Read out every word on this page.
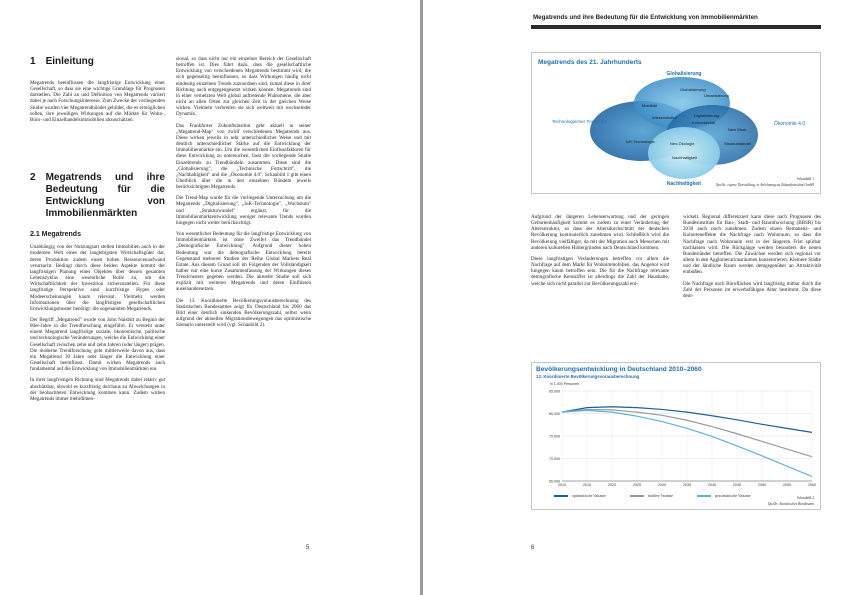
1 Einleitung

Megatrends beeinflussen die langfristige Entwicklung einer Gesellschaft, so dass sie eine wichtige Grundlage für Prognosen darstellen. Die Zahl an und Definition von Megatrends variiert dabei je nach Forschungsinteresse. Zum Zwecke der vorliegenden Studie wurden vier Megatrendbündel gebildet, die es ermöglichen sollen, ihre jeweiligen Wirkungen auf die Märkte für Wohn-, Büro- und Einzelhandelsimmobilien abzuschätzen.

2 Megatrends und ihre Bedeutung für die Entwicklung von Immobilienmärkten
2.1 Megatrends

Unabhängig von der Nutzungsart stellen Immobilien auch in der modernen Welt eines der langlebigsten Wirtschaftsgüter dar, deren Produktion zudem einen hohen Ressourcenaufwand verursacht. Bedingt durch diese beiden Aspekte kommt der langfristigen Planung eines Objektes über dessen gesamten Lebenszyklus eine wesentliche Rolle zu, um die Wirtschaftlichkeit der Investition sicherzustellen. Für diese langfristige Perspektive sind kurzfristige Hypes oder Modeerscheinungen kaum relevant. Vielmehr werden Informationen über die langfristigen gesellschaftlichen Entwicklungsmuster benötigt: die sogenannten Megatrends.

Der Begriff „Megatrend" wurde von John Naisbitt zu Beginn der 80er-Jahre in die Trendforschung eingeführt. Er versteht unter einem Megatrend langfristige soziale, ökonomische, politische und technologische Veränderungen, welche die Entwicklung einer Gesellschaft zwischen zehn und zehn Jahren (oder länger) prägen. Die moderne Trendforschung geht mittlerweile davon aus, dass ein Megatrend 30 Jahre oder länger die Entwicklung einer Gesellschaft beeinflusst. Damit wirken Megatrends auch fundamental auf die Entwicklung von Immobilienmärkten ein.

In ihrer langfristigen Richtung sind Megatrends dabei relativ gut abschätzbar, obwohl es kurzfristig durchaus zu Abweichungen in der beobachteten Entwicklung kommen kann. Zudem wirken Megatrends immer mehrdimen-

sional, so dass nicht nur ein einzelner Bereich der Gesellschaft betroffen ist. Dies führt dazu, dass die gesellschaftliche Entwicklung von verschiedenen Megatrends bestimmt wird, die sich gegenseitig beeinflussen, so dass Wirkungen häufig nicht eindeutig einzelnen Trends zuzuordnen sind, zumal diese in ihrer Richtung auch entgegengesetzt wirken können. Megatrends sind in einer vernetzten Welt global auftretende Phänomene, die aber nicht an allen Orten zur gleichen Zeit in der gleichen Weise wirken. Vielmehr verbreiten sie sich weltweit mit wechselnder Dynamik.

Das Frankfurter Zukunftsinstitut geht aktuell in seiner „Megatrend-Map" von zwölf verschiedenen Megatrends aus. Diese wirken jeweils in sehr unterschiedlicher Weise und mit deutlich unterschiedlicher Stärke auf die Entwicklung der Immobilienmärkte ein. Um die wesentlichen Einflussfaktoren für diese Entwicklung zu untersuchen, fasst die vorliegende Studie Einzeltrends zu Trendbündeln zusammen. Diese sind die „Globalisierung", die „Technische Fortschritt", die „Nachhaltigkeit" und die „Ökonomie 4.0". Schaubild 1 gibt einen Überblick über die in den einzelnen Bündeln jeweils berücksichtigten Megatrends.

Die Trend-Map wurde für die vorliegende Untersuchung um die Megatrends „Digitalisierung", „IuK-Technologie", „Wachstum" und „Strukturwandel" ergänzt, für die Immobilienmarktentwicklung weniger relevante Trends wurden hingegen nicht weiter berücksichtigt.

Von wesentlicher Bedeutung für die langfristige Entwicklung von Immobilienmärkten ist ohne Zweifel das Trendbündel „Demografische Entwicklung". Aufgrund dieser hohen Bedeutung war die demografische Entwicklung bereits Gegenstand mehrerer Studien der Reihe Global Markets Real Estate. Aus diesem Grund soll im Folgenden der Vollständigkeit halber nur eine kurze Zusammenfassung der Wirkungen dieses Trendclusters gegeben werden. Die aktuelle Studie soll sich explizit mit weiteren Megatrends und deren Einflüssen auseinandersetzen.

Die 13. Koordinierte Bevölkerungsvorausberechnung des Statistischen Bundesamtes zeigt für Deutschland bis 2060 das Bild einer deutlich sinkenden Bevölkerungszahl, selbst wenn aufgrund der aktuellen Migrationsbewegungen das optimistische Szenario unterstellt wird (vgl. Schaubild 2).

5
Megatrends und ihre Bedeutung für die Entwicklung von Immobilienmärkten
Megatrends des 21. Jahrhunderts
Globalisierung
Technologischer Fortschritt	Ökonomie 4.0
Nachhaltigkeit
Globalisierung
Urbanisierung
Mobilität
Wissenskultur	Digitalisierung
Konnektivität
New Work
IuK-Technologie	Neo-Ökologie	Strukturwandel
Nachhaltigkeit
Schaubild 1
Quelle: eigene Darstellung, in Anlehnung an Zukunftsinstitut GmbH

Aufgrund der längeren Lebenserwartung und der geringen Geburtenhäufigkeit kommt es zudem zu einer Veränderung der Altersstruktur, so dass der Altersdurchschnitt der deutschen Bevölkerung kontinuierlich zunehmen wird. Schließlich wird die Bevölkerung vielfältiger, da mit der Migration auch Menschen mit anderen kulturellen Hintergründen nach Deutschland kommen.

Diese langfristigen Veränderungen betreffen vor allem die Nachfrage auf dem Markt für Wohnimmobilien, das Angebot wird hingegen kaum betroffen sein. Die für die Nachfrage relevante demografische Kennziffer ist allerdings die Zahl der Haushalte, welche sich nicht parallel zur Bevölkerungszahl ent-

wickelt. Regional differenziert kann diese nach Prognosen des Bundesinstituts für Bau-, Stadt- und Raumforschung (BBSR) bis 2030 auch noch zunehmen. Zudem sitzen Remanenz- und Kohorteneffekte die Nachfrage nach Wohnraum, so dass die Nachfrage nach Wohnraum erst in der längeren Frist spürbar nachlassen wird. Die Rückgänge werden besonders die neuen Bundesländer betreffen. Die Zuwächse werden sich regional vor allem in den Agglomerationsräumen konzentrieren. Kleinere Städte und der ländliche Raum werden demgegenüber an Attraktivität einbüßen.

Die Nachfrage nach Büroflächen wird langfristig mitbar durch die Zahl der Personen im erwerbsfähigen Alter bestimmt. Da diese deut-

Bevölkerungsentwicklung in Deutschland 2010–2060
13. Koordinierte Bevölkerungsvorausberechnung
in 1.000 Personen
65.000
70.000
75.000
80.000
85.000
2010	2015	2020	2025	2030	2035	2040	2045	2050	2055	2060
optimistische Variante	mittlere Variante	pessimistische Variante	Schaubild 2
Quelle: Statistisches Bundesamt
6
